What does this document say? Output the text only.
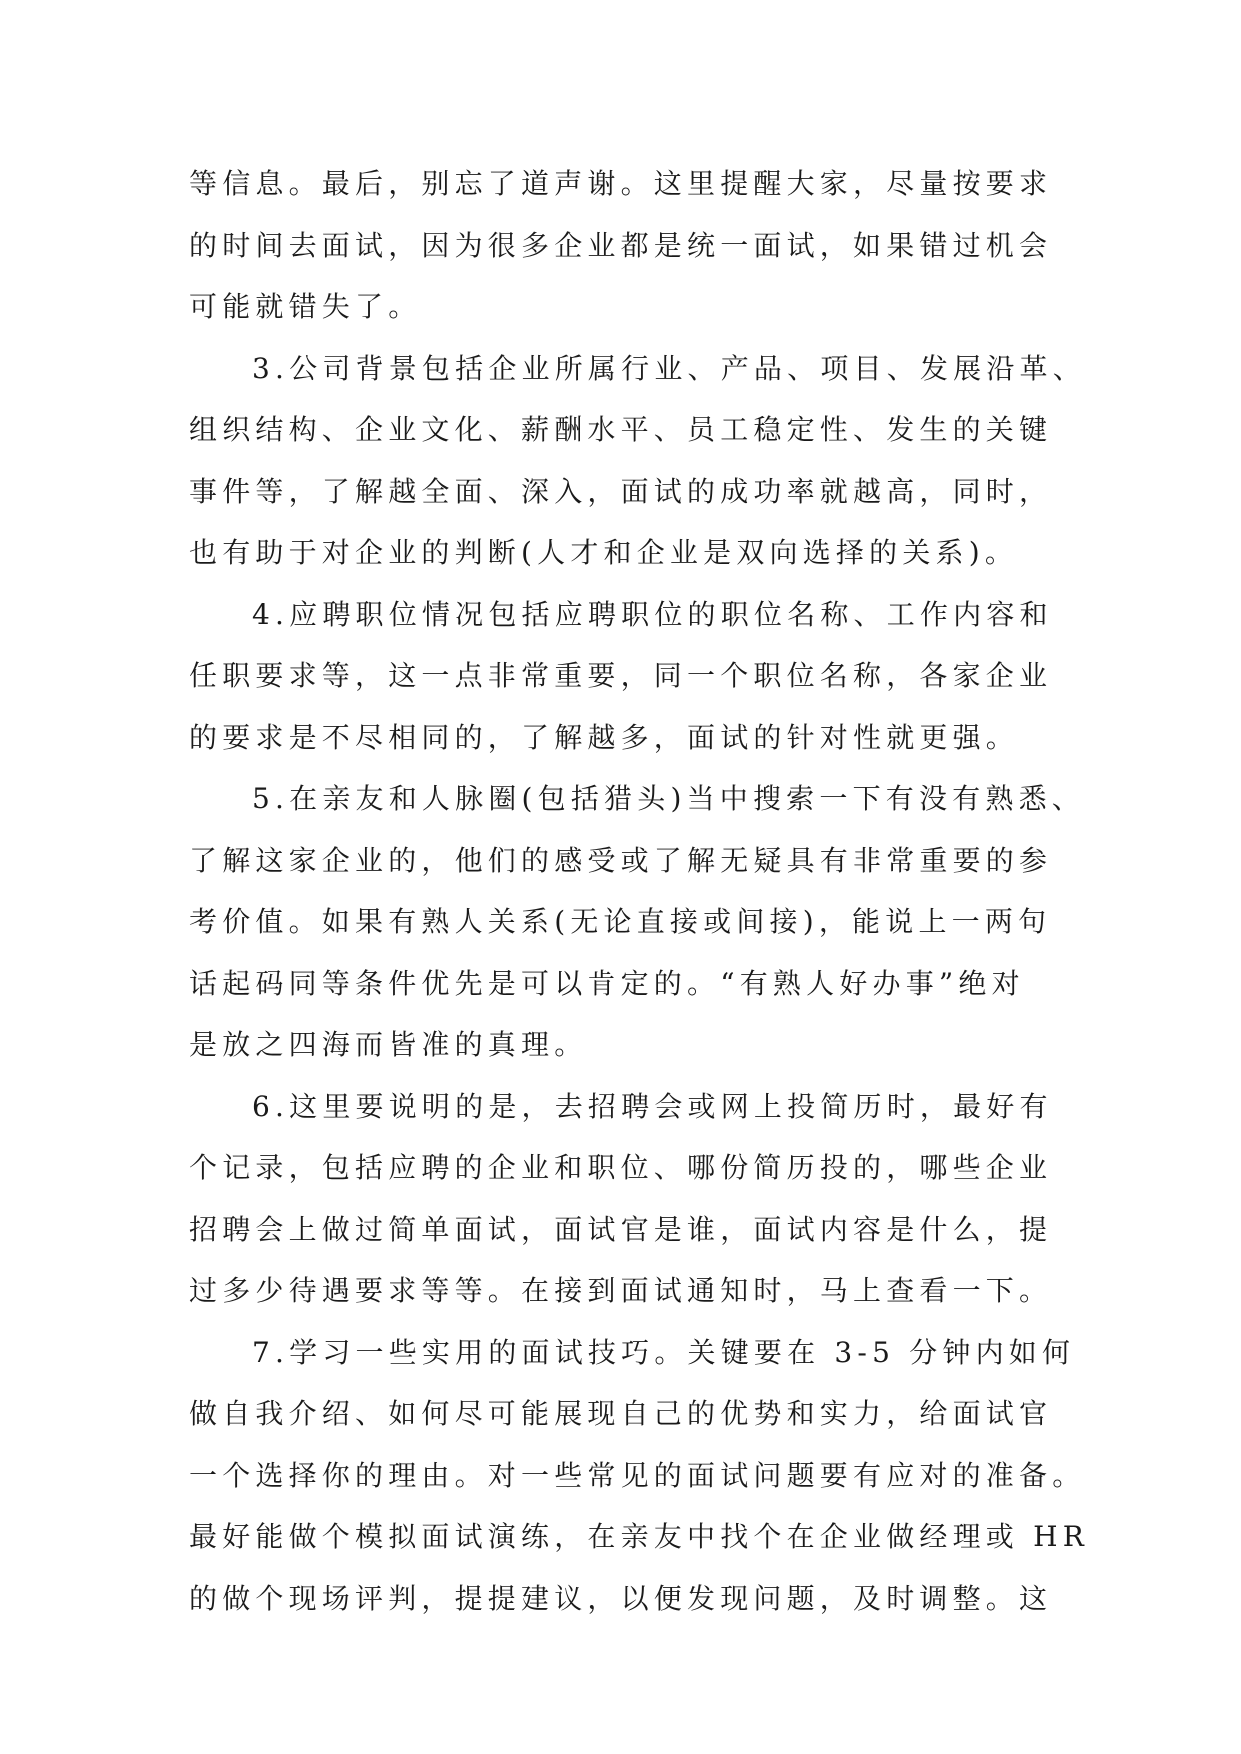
等信息。最后，别忘了道声谢。这里提醒大家，尽量按要求
的时间去面试，因为很多企业都是统一面试，如果错过机会
可能就错失了。
3.公司背景包括企业所属行业、产品、项目、发展沿革、
组织结构、企业文化、薪酬水平、员工稳定性、发生的关键
事件等，了解越全面、深入，面试的成功率就越高，同时，
也有助于对企业的判断(人才和企业是双向选择的关系)。
4.应聘职位情况包括应聘职位的职位名称、工作内容和
任职要求等，这一点非常重要，同一个职位名称，各家企业
的要求是不尽相同的，了解越多，面试的针对性就更强。
5.在亲友和人脉圈(包括猎头)当中搜索一下有没有熟悉、
了解这家企业的，他们的感受或了解无疑具有非常重要的参
考价值。如果有熟人关系(无论直接或间接)，能说上一两句
话起码同等条件优先是可以肯定的。“有熟人好办事”绝对
是放之四海而皆准的真理。
6.这里要说明的是，去招聘会或网上投简历时，最好有
个记录，包括应聘的企业和职位、哪份简历投的，哪些企业
招聘会上做过简单面试，面试官是谁，面试内容是什么，提
过多少待遇要求等等。在接到面试通知时，马上查看一下。
7.学习一些实用的面试技巧。关键要在 3-5 分钟内如何
做自我介绍、如何尽可能展现自己的优势和实力，给面试官
一个选择你的理由。对一些常见的面试问题要有应对的准备。
最好能做个模拟面试演练，在亲友中找个在企业做经理或 HR
的做个现场评判，提提建议，以便发现问题，及时调整。这
